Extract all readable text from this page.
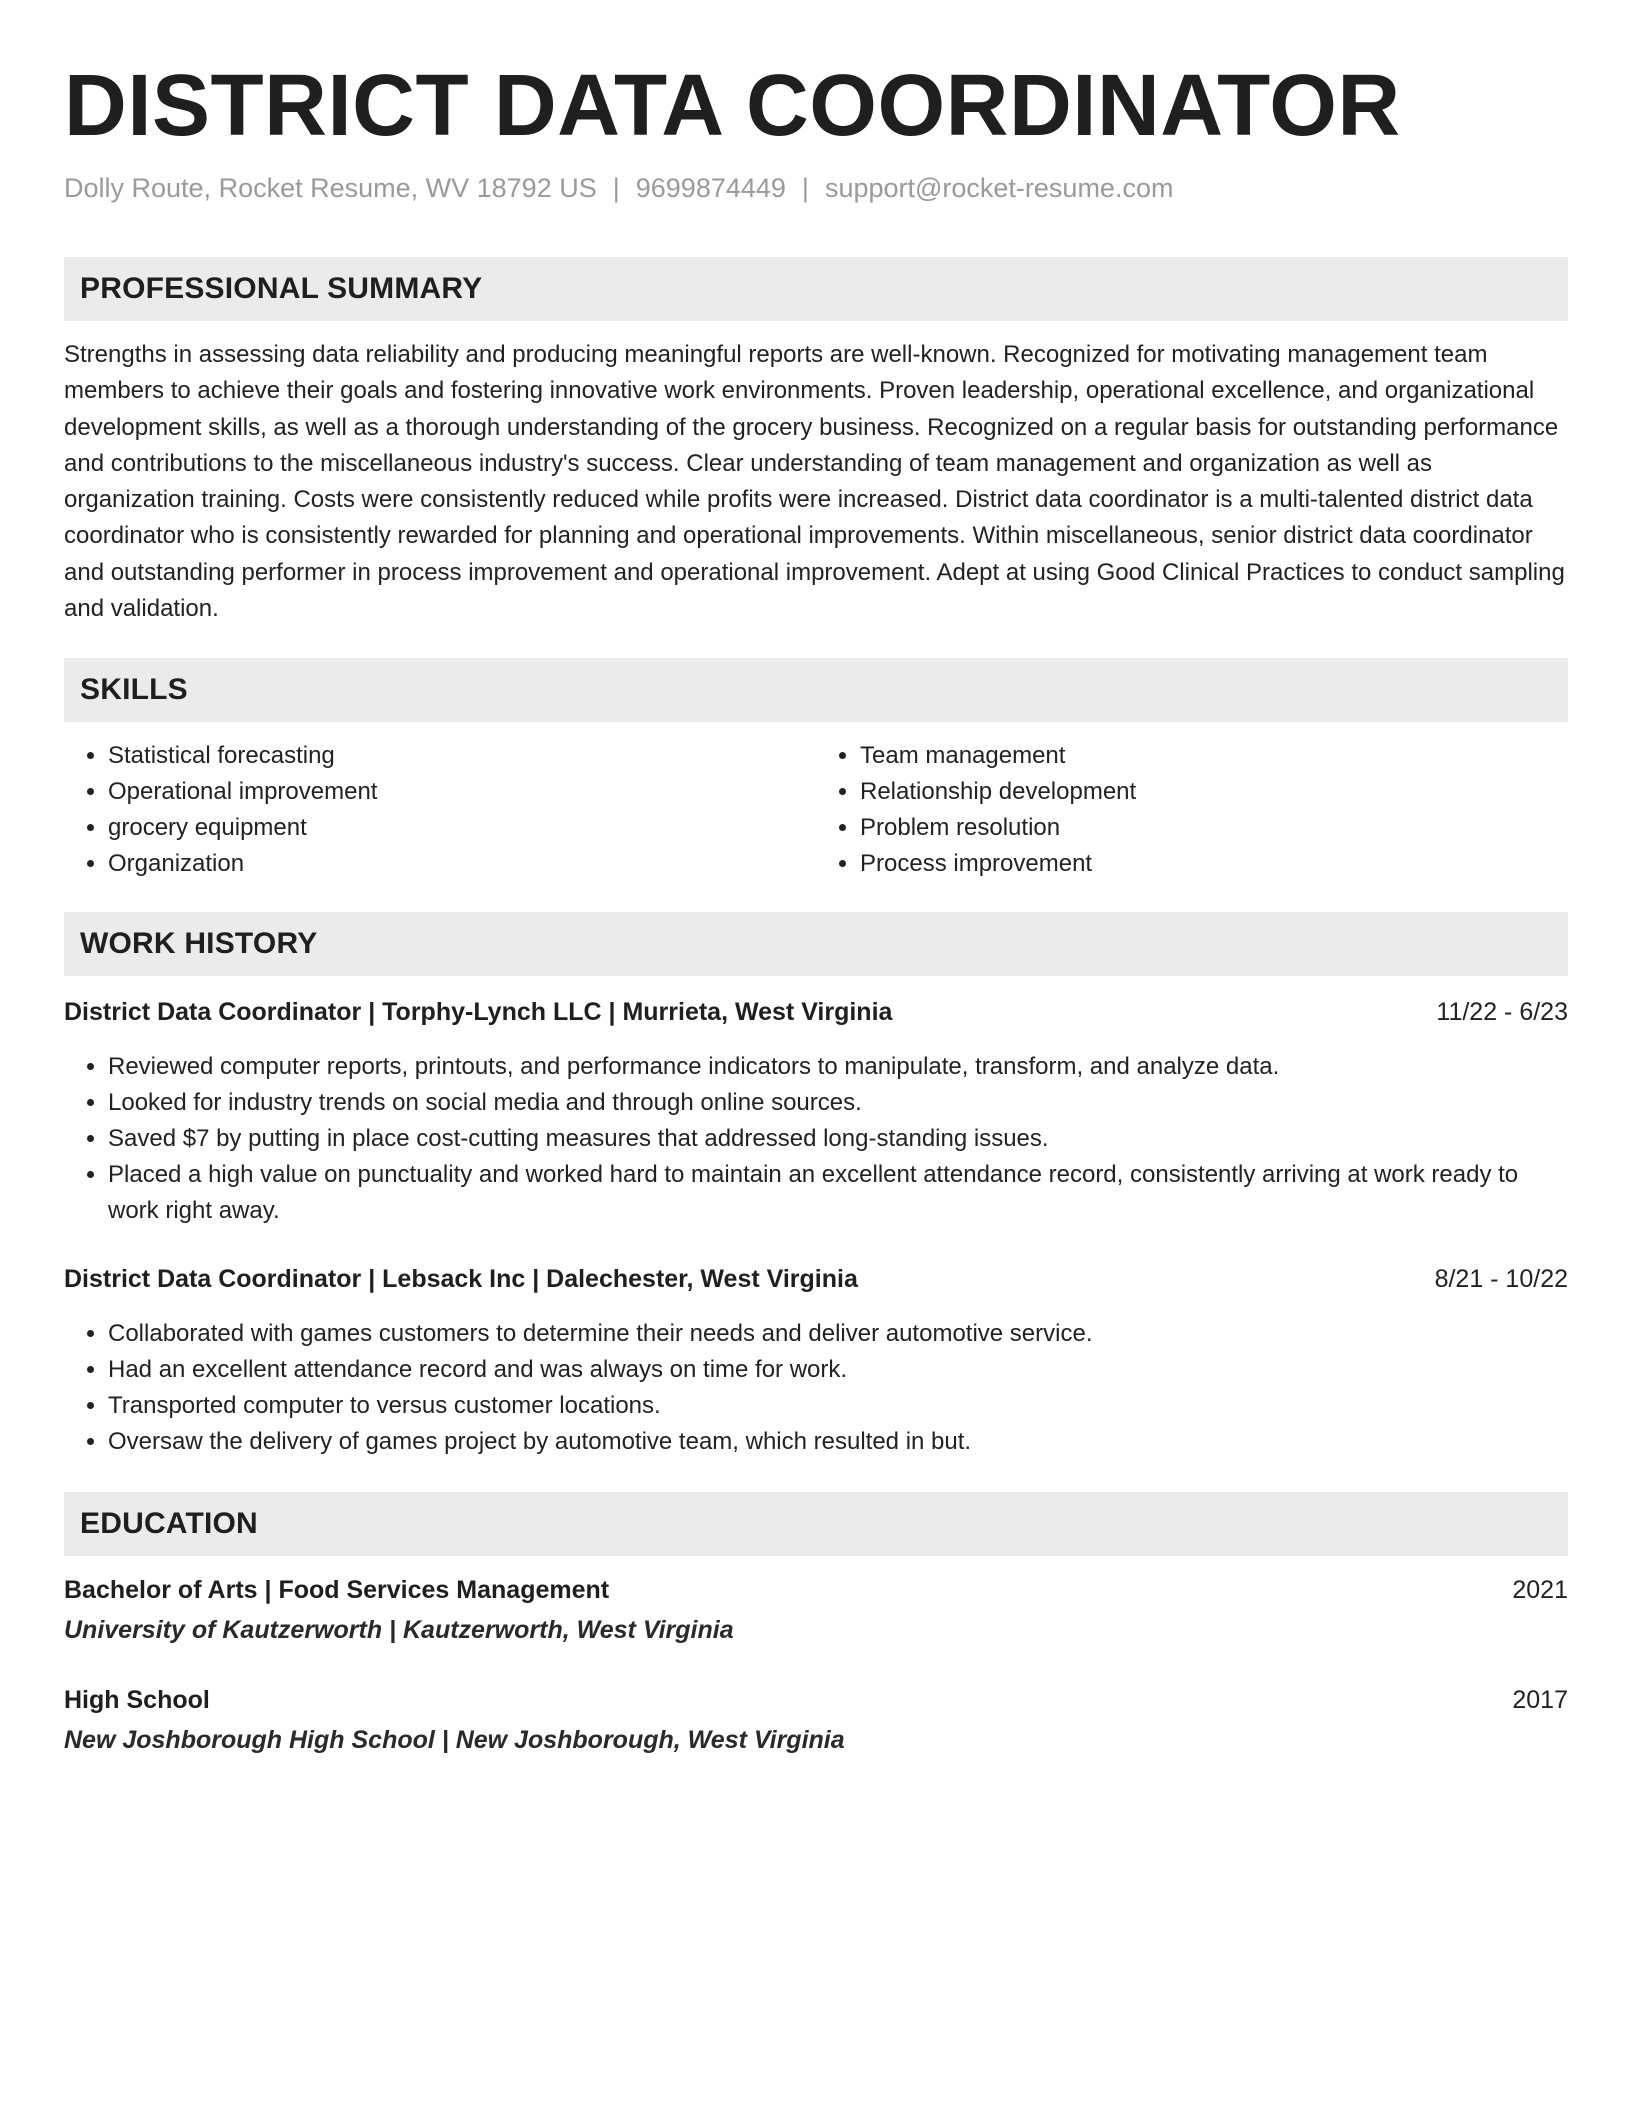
DISTRICT DATA COORDINATOR
Dolly Route, Rocket Resume, WV 18792 US | 9699874449 | support@rocket-resume.com
PROFESSIONAL SUMMARY

Strengths in assessing data reliability and producing meaningful reports are well-known. Recognized for motivating management team members to achieve their goals and fostering innovative work environments. Proven leadership, operational excellence, and organizational development skills, as well as a thorough understanding of the grocery business. Recognized on a regular basis for outstanding performance and contributions to the miscellaneous industry's success. Clear understanding of team management and organization as well as organization training. Costs were consistently reduced while profits were increased. District data coordinator is a multi-talented district data coordinator who is consistently rewarded for planning and operational improvements. Within miscellaneous, senior district data coordinator and outstanding performer in process improvement and operational improvement. Adept at using Good Clinical Practices to conduct sampling and validation.

SKILLS
• Statistical forecasting
• Operational improvement
• grocery equipment
• Organization
• Team management
• Relationship development
• Problem resolution
• Process improvement
WORK HISTORY
District Data Coordinator | Torphy-Lynch LLC | Murrieta, West Virginia	11/22 - 6/23
• Reviewed computer reports, printouts, and performance indicators to manipulate, transform, and analyze data.
• Looked for industry trends on social media and through online sources.
• Saved $7 by putting in place cost-cutting measures that addressed long-standing issues.
• Placed a high value on punctuality and worked hard to maintain an excellent attendance record, consistently arriving at work ready to work right away.
District Data Coordinator | Lebsack Inc | Dalechester, West Virginia	8/21 - 10/22
• Collaborated with games customers to determine their needs and deliver automotive service.
• Had an excellent attendance record and was always on time for work.
• Transported computer to versus customer locations.
• Oversaw the delivery of games project by automotive team, which resulted in but.
EDUCATION
Bachelor of Arts | Food Services Management	2021
University of Kautzerworth | Kautzerworth, West Virginia
High School	2017
New Joshborough High School | New Joshborough, West Virginia
